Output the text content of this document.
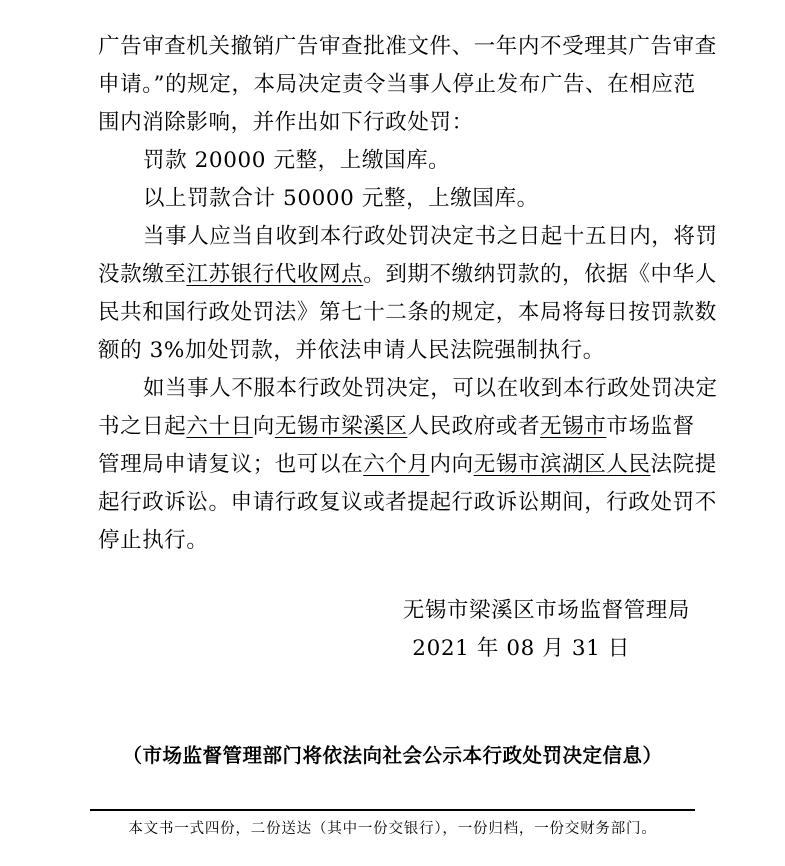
广告审查机关撤销广告审查批准文件、一年内不受理其广告审查
申请。”的规定，本局决定责令当事人停止发布广告、在相应范
围内消除影响，并作出如下行政处罚：
罚款 20000 元整，上缴国库。
以上罚款合计 50000 元整，上缴国库。
当事人应当自收到本行政处罚决定书之日起十五日内，将罚
没款缴至江苏银行代收网点。到期不缴纳罚款的，依据《中华人
民共和国行政处罚法》第七十二条的规定，本局将每日按罚款数
额的 3%加处罚款，并依法申请人民法院强制执行。
如当事人不服本行政处罚决定，可以在收到本行政处罚决定
书之日起六十日向无锡市梁溪区人民政府或者无锡市市场监督
管理局申请复议；也可以在六个月内向无锡市滨湖区人民法院提
起行政诉讼。申请行政复议或者提起行政诉讼期间，行政处罚不
停止执行。
无锡市梁溪区市场监督管理局
2021 年 08 月 31 日
（市场监督管理部门将依法向社会公示本行政处罚决定信息）
本文书一式四份，二份送达（其中一份交银行），一份归档，一份交财务部门。
